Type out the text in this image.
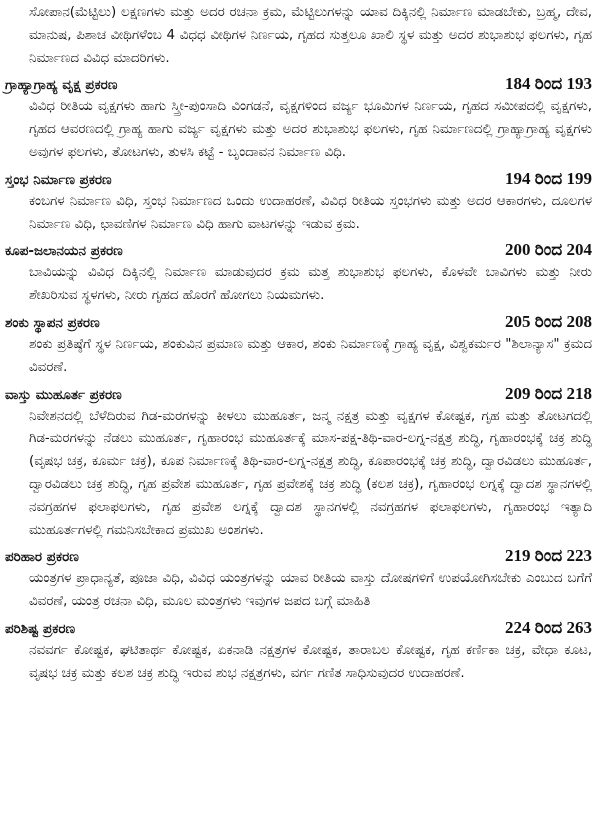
ಸೋಪಾನ(ಮೆಟ್ಟಿಲು) ಲಕ್ಷಣಗಳು ಮತ್ತು ಅದರ ರಚನಾ ಕ್ರಮ, ಮೆಟ್ಟಿಲುಗಳನ್ನು ಯಾವ ದಿಕ್ಕಿನಲ್ಲಿ ನಿರ್ಮಾಣ ಮಾಡಬೇಕು, ಬ್ರಹ್ಮ, ದೇವ, ಮಾನುಷ, ಪಿಶಾಚ ವೀಥಿಗಳೆಂಬ 4 ವಿಧಧ ವೀಥಿಗಳ ನಿರ್ಣಯ, ಗೃಹದ ಸುತ್ತಲೂ ಖಾಲಿ ಸ್ಥಳ ಮತ್ತು ಅದರ ಶುಭಾಶುಭ ಫಲಗಳು, ಗೃಹ ನಿರ್ಮಾಣದ ವಿವಿಧ ಮಾದರಿಗಳು.

ಗ್ರಾಹ್ಯಾಗ್ರಾಹ್ಯ ವೃಕ್ಷ ಪ್ರಕರಣ	184 ರಿಂದ 193

ವಿವಿಧ ರೀತಿಯ ವೃಕ್ಷಗಳು ಹಾಗು ಸ್ತ್ರೀ-ಪುಂಸಾದಿ ವಿಂಗಡನೆ, ವೃಕ್ಷಗಳಿಂದ ವರ್ಜ್ಯ ಭೂಮಿಗಳ ನಿರ್ಣಯ, ಗೃಹದ ಸಮೀಪದಲ್ಲಿ ವೃಕ್ಷಗಳು, ಗೃಹದ ಆವರಣದಲ್ಲಿ ಗ್ರಾಹ್ಯ ಹಾಗು ವರ್ಜ್ಯ ವೃಕ್ಷಗಳು ಮತ್ತು ಅದರ ಶುಭಾಶುಭ ಫಲಗಳು, ಗೃಹ ನಿರ್ಮಾಣದಲ್ಲಿ ಗ್ರಾಹ್ಯಾಗ್ರಾಹ್ಯ ವೃಕ್ಷಗಳು ಅವುಗಳ ಫಲಗಳು, ತೋಟಗಳು, ತುಳಸಿ ಕಟ್ಟೆ - ಬೃಂದಾವನ ನಿರ್ಮಾಣ ವಿಧಿ.

ಸ್ತಂಭ ನಿರ್ಮಾಣ ಪ್ರಕರಣ	194 ರಿಂದ 199

ಕಂಬಗಳ ನಿರ್ಮಾಣ ವಿಧಿ, ಸ್ತಂಭ ನಿರ್ಮಾಣದ ಒಂದು ಉದಾಹರಣೆ, ವಿವಿಧ ರೀತಿಯ ಸ್ತಂಭಗಳು ಮತ್ತು ಅದರ ಆಕಾರಗಳು, ದೂಲಗಳ ನಿರ್ಮಾಣ ವಿಧಿ, ಛಾವಣಿಗಳ ನಿರ್ಮಾಣ ವಿಧಿ ಹಾಗು ವಾಟಗಳನ್ನು ಇಡುವ ಕ್ರಮ.

ಕೂಪ-ಜಲಾನಯನ ಪ್ರಕರಣ	200 ರಿಂದ 204

ಬಾವಿಯನ್ನು ವಿವಿಧ ದಿಕ್ಕಿನಲ್ಲಿ ನಿರ್ಮಾಣ ಮಾಡುವುದರ ಕ್ರಮ ಮತ್ತ ಶುಭಾಶುಭ ಫಲಗಳು, ಕೊಳವೇ ಬಾವಿಗಳು ಮತ್ತು ನೀರು ಶೇಖರಿಸುವ ಸ್ಥಳಗಳು, ನೀರು ಗೃಹದ ಹೊರಗೆ ಹೋಗಲು ನಿಯಮಗಳು.

ಶಂಕು ಸ್ಥಾಪನ ಪ್ರಕರಣ	205 ರಿಂದ 208

ಶಂಕು ಪ್ರತಿಷ್ಠೆಗೆ ಸ್ಥಳ ನಿರ್ಣಯ, ಶಂಕುವಿನ ಪ್ರಮಾಣ ಮತ್ತು ಆಕಾರ, ಶಂಕು ನಿರ್ಮಾಣಕ್ಕೆ ಗ್ರಾಹ್ಯ ವೃಕ್ಷ, ವಿಶ್ವಕರ್ಮರ "ಶಿಲಾನ್ಯಾಸ" ಕ್ರಮದ ವಿವರಣೆ.

ವಾಸ್ತು ಮುಹೂರ್ತ ಪ್ರಕರಣ	209 ರಿಂದ 218

ನಿವೇಶನದಲ್ಲಿ ಬೆಳೆದಿರುವ ಗಿಡ-ಮರಗಳನ್ನು ಕೀಳಲು ಮುಹೂರ್ತ, ಜನ್ಮ ನಕ್ಷತ್ರ ಮತ್ತು ವೃಕ್ಷಗಳ ಕೋಷ್ಟಕ, ಗೃಹ ಮತ್ತು ತೋಟಗದಲ್ಲಿ ಗಿಡ-ಮರಗಳನ್ನು ನೆಡಲು ಮುಹೂರ್ತ, ಗೃಹಾರಂಭ ಮುಹೂರ್ತಕ್ಕೆ ಮಾಸ-ಪಕ್ಷ-ತಿಥಿ-ವಾರ-ಲಗ್ನ-ನಕ್ಷತ್ರ ಶುದ್ಧಿ, ಗೃಹಾರಂಭಕ್ಕೆ ಚಕ್ರ ಶುದ್ಧಿ (ವೃಷಭ ಚಕ್ರ, ಕೂರ್ಮ ಚಕ್ರ), ಕೂಪ ನಿರ್ಮಾಣಕ್ಕೆ ತಿಥಿ-ವಾರ-ಲಗ್ನ-ನಕ್ಷತ್ರ ಶುದ್ಧಿ, ಕೂಪಾರಂಭಕ್ಕೆ ಚಕ್ರ ಶುದ್ಧಿ, ದ್ವಾರವಿಡಲು ಮುಹೂರ್ತ, ದ್ವಾರವಿಡಲು ಚಕ್ರ ಶುದ್ಧಿ, ಗೃಹ ಪ್ರವೇಶ ಮುಹೂರ್ತ, ಗೃಹ ಪ್ರವೇಶಕ್ಕೆ ಚಕ್ರ ಶುದ್ಧಿ (ಕಲಶ ಚಕ್ರ), ಗೃಹಾರಂಭ ಲಗ್ನಕ್ಕೆ ದ್ವಾದಶ ಸ್ಥಾನಗಳಲ್ಲಿ ನವಗ್ರಹಗಳ ಫಲಾಫಲಗಳು, ಗೃಹ ಪ್ರವೇಶ ಲಗ್ನಕ್ಕೆ ದ್ವಾದಶ ಸ್ಥಾನಗಳಲ್ಲಿ ನವಗ್ರಹಗಳ ಫಲಾಫಲಗಳು, ಗೃಹಾರಂಭ ಇತ್ಯಾದಿ ಮುಹೂರ್ತಗಳಲ್ಲಿ ಗಮನಿಸಬೇಕಾದ ಪ್ರಮುಖ ಅಂಶಗಳು.

ಪರಿಹಾರ ಪ್ರಕರಣ	219 ರಿಂದ 223

ಯಂತ್ರಗಳ ಪ್ರಾಧಾನ್ಯತೆ, ಪೂಜಾ ವಿಧಿ, ವಿವಿಧ ಯಂತ್ರಗಳನ್ನು ಯಾವ ರೀತಿಯ ವಾಸ್ತು ದೋಷಗಳಿಗೆ ಉಪಯೋಗಿಸಬೇಕು ಎಂಬುದ ಬಗೆಗೆ ವಿವರಣೆ, ಯಂತ್ರ ರಚನಾ ವಿಧಿ, ಮೂಲ ಮಂತ್ರಗಳು ಇವುಗಳ ಜಪದ ಬಗ್ಗೆ ಮಾಹಿತಿ

ಪರಿಶಿಷ್ಟ ಪ್ರಕರಣ	224 ರಿಂದ 263

ನವವರ್ಗ ಕೋಷ್ಟಕ, ಘಟಿತಾರ್ಥ ಕೋಷ್ಟಕ, ಏಕನಾಡಿ ನಕ್ಷತ್ರಗಳ ಕೋಷ್ಟಕ, ತಾರಾಬಲ ಕೋಷ್ಟಕ, ಗೃಹ ಕರ್ಣಿಕಾ ಚಕ್ರ, ವೇಧಾ ಕೂಟ, ವೃಷಭ ಚಕ್ರ ಮತ್ತು ಕಲಶ ಚಕ್ರ ಶುದ್ಧಿ ಇರುವ ಶುಭ ನಕ್ಷತ್ರಗಳು, ವರ್ಗ ಗಣಿತ ಸಾಧಿಸುವುದರ ಉದಾಹರಣೆ.
